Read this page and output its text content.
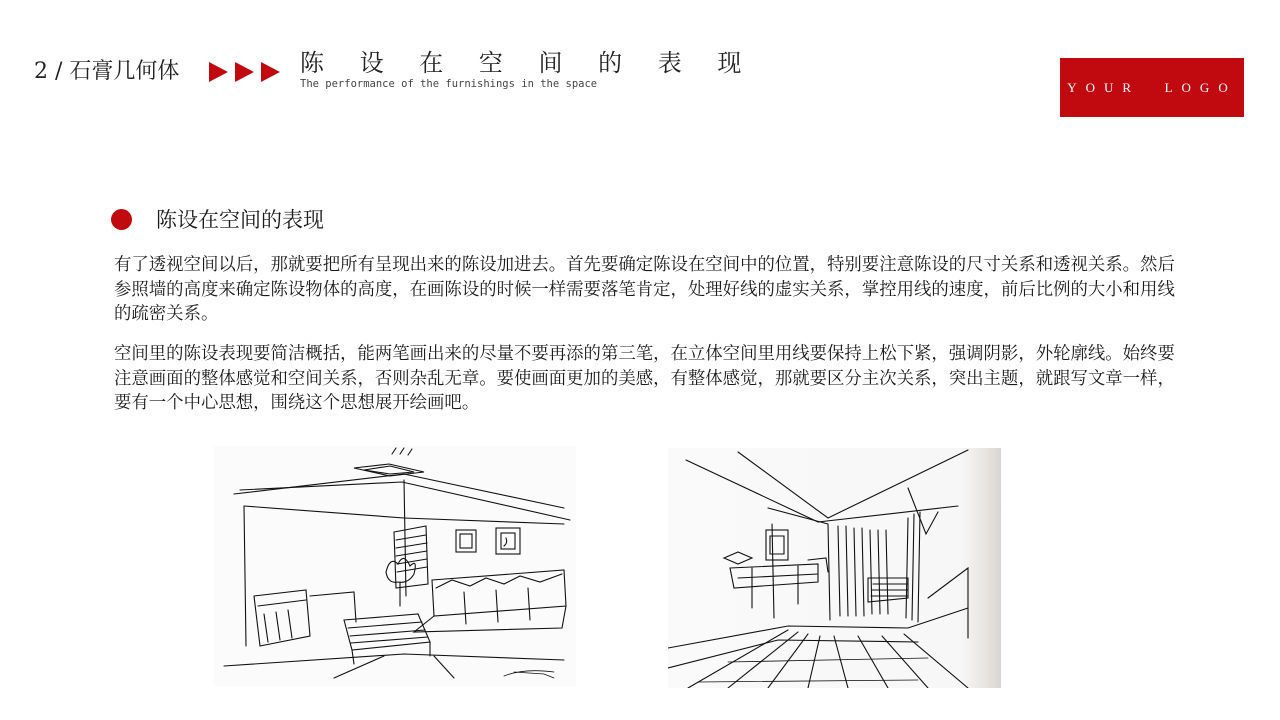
2 / 石膏几何体	陈 设 在 空 间 的 表 现
The performance of the furnishings in the space	YOUR  LOGO
陈设在空间的表现

有了透视空间以后，那就要把所有呈现出来的陈设加进去。首先要确定陈设在空间中的位置，特别要注意陈设的尺寸关系和透视关系。然后参照墙的高度来确定陈设物体的高度，在画陈设的时候一样需要落笔肯定，处理好线的虚实关系，掌控用线的速度，前后比例的大小和用线的疏密关系。

空间里的陈设表现要简洁概括，能两笔画出来的尽量不要再添的第三笔，在立体空间里用线要保持上松下紧，强调阴影，外轮廓线。始终要注意画面的整体感觉和空间关系，否则杂乱无章。要使画面更加的美感，有整体感觉，那就要区分主次关系，突出主题，就跟写文章一样，要有一个中心思想，围绕这个思想展开绘画吧。
